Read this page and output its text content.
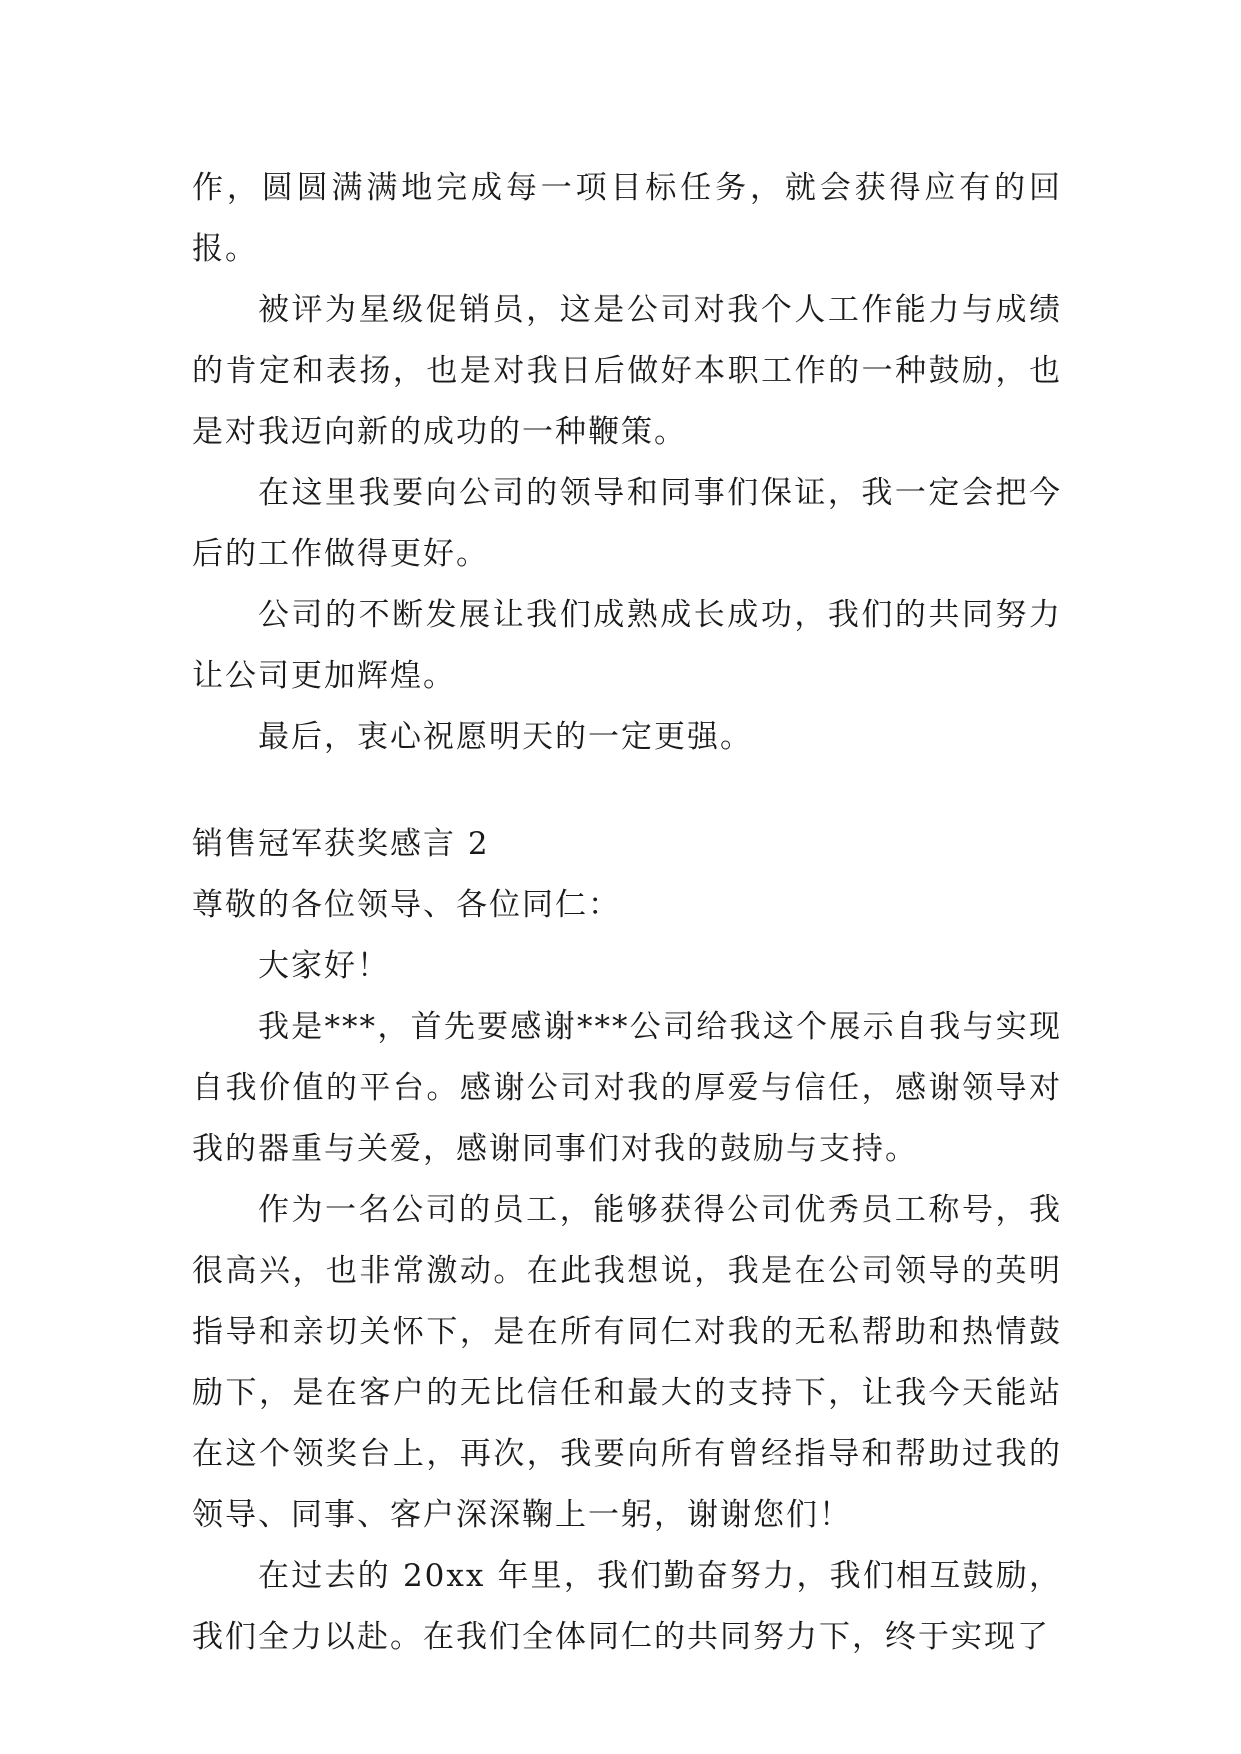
作，圆圆满满地完成每一项目标任务，就会获得应有的回报。

被评为星级促销员，这是公司对我个人工作能力与成绩的肯定和表扬，也是对我日后做好本职工作的一种鼓励，也是对我迈向新的成功的一种鞭策。

在这里我要向公司的领导和同事们保证，我一定会把今后的工作做得更好。

公司的不断发展让我们成熟成长成功，我们的共同努力让公司更加辉煌。

最后，衷心祝愿明天的一定更强。

销售冠军获奖感言 2

尊敬的各位领导、各位同仁：

大家好！

我是***，首先要感谢***公司给我这个展示自我与实现自我价值的平台。感谢公司对我的厚爱与信任，感谢领导对我的器重与关爱，感谢同事们对我的鼓励与支持。

作为一名公司的员工，能够获得公司优秀员工称号，我很高兴，也非常激动。在此我想说，我是在公司领导的英明指导和亲切关怀下，是在所有同仁对我的无私帮助和热情鼓励下，是在客户的无比信任和最大的支持下，让我今天能站在这个领奖台上，再次，我要向所有曾经指导和帮助过我的领导、同事、客户深深鞠上一躬，谢谢您们！

在过去的 20xx 年里，我们勤奋努力，我们相互鼓励，我们全力以赴。在我们全体同仁的共同努力下，终于实现了
